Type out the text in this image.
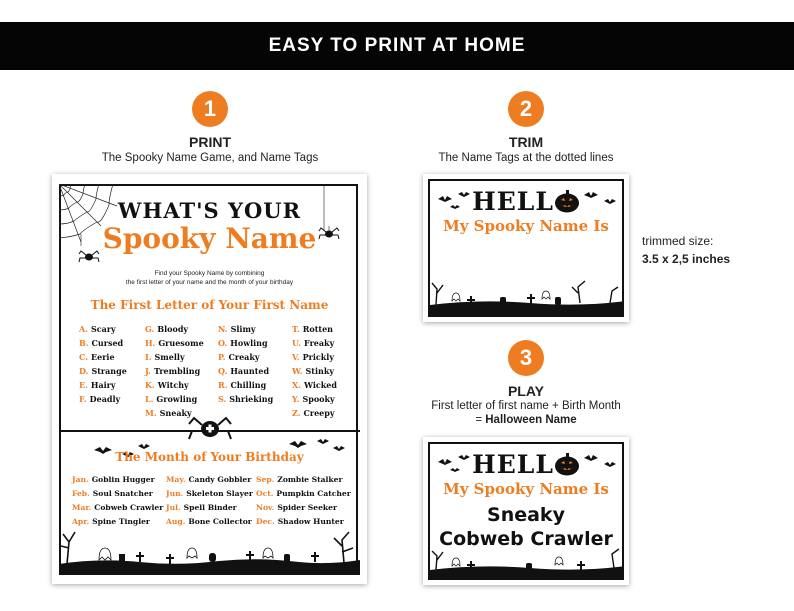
EASY TO PRINT AT HOME
1
PRINT
The Spooky Name Game, and Name Tags
2
TRIM
The Name Tags at the dotted lines
3
PLAY
First letter of first name + Birth Month
= Halloween Name
trimmed size:
3.5 x 2,5 inches
WHAT'S YOUR
Spooky Name
Find your Spooky Name by combining
the first letter of your name and the month of your birthday
The First Letter of Your First Name
A. Scary
B. Cursed
C. Eerie
D. Strange
E. Hairy
F. Deadly
G. Bloody
H. Gruesome
I. Smelly
J. Trembling
K. Witchy
L. Growling
M. Sneaky
N. Slimy
O. Howling
P. Creaky
Q. Haunted
R. Chilling
S. Shrieking
T. Rotten
U. Freaky
V. Prickly
W. Stinky
X. Wicked
Y. Spooky
Z. Creepy
The Month of Your Birthday
Jan. Goblin Hugger
Feb. Soul Snatcher
Mar. Cobweb Crawler
Apr. Spine Tingler
May. Candy Gobbler
Jun. Skeleton Slayer
Jul. Spell Binder
Aug. Bone Collector
Sep. Zombie Stalker
Oct. Pumpkin Catcher
Nov. Spider Seeker
Dec. Shadow Hunter
HELL
My Spooky Name Is
HELL
My Spooky Name Is
Sneaky
Cobweb Crawler
